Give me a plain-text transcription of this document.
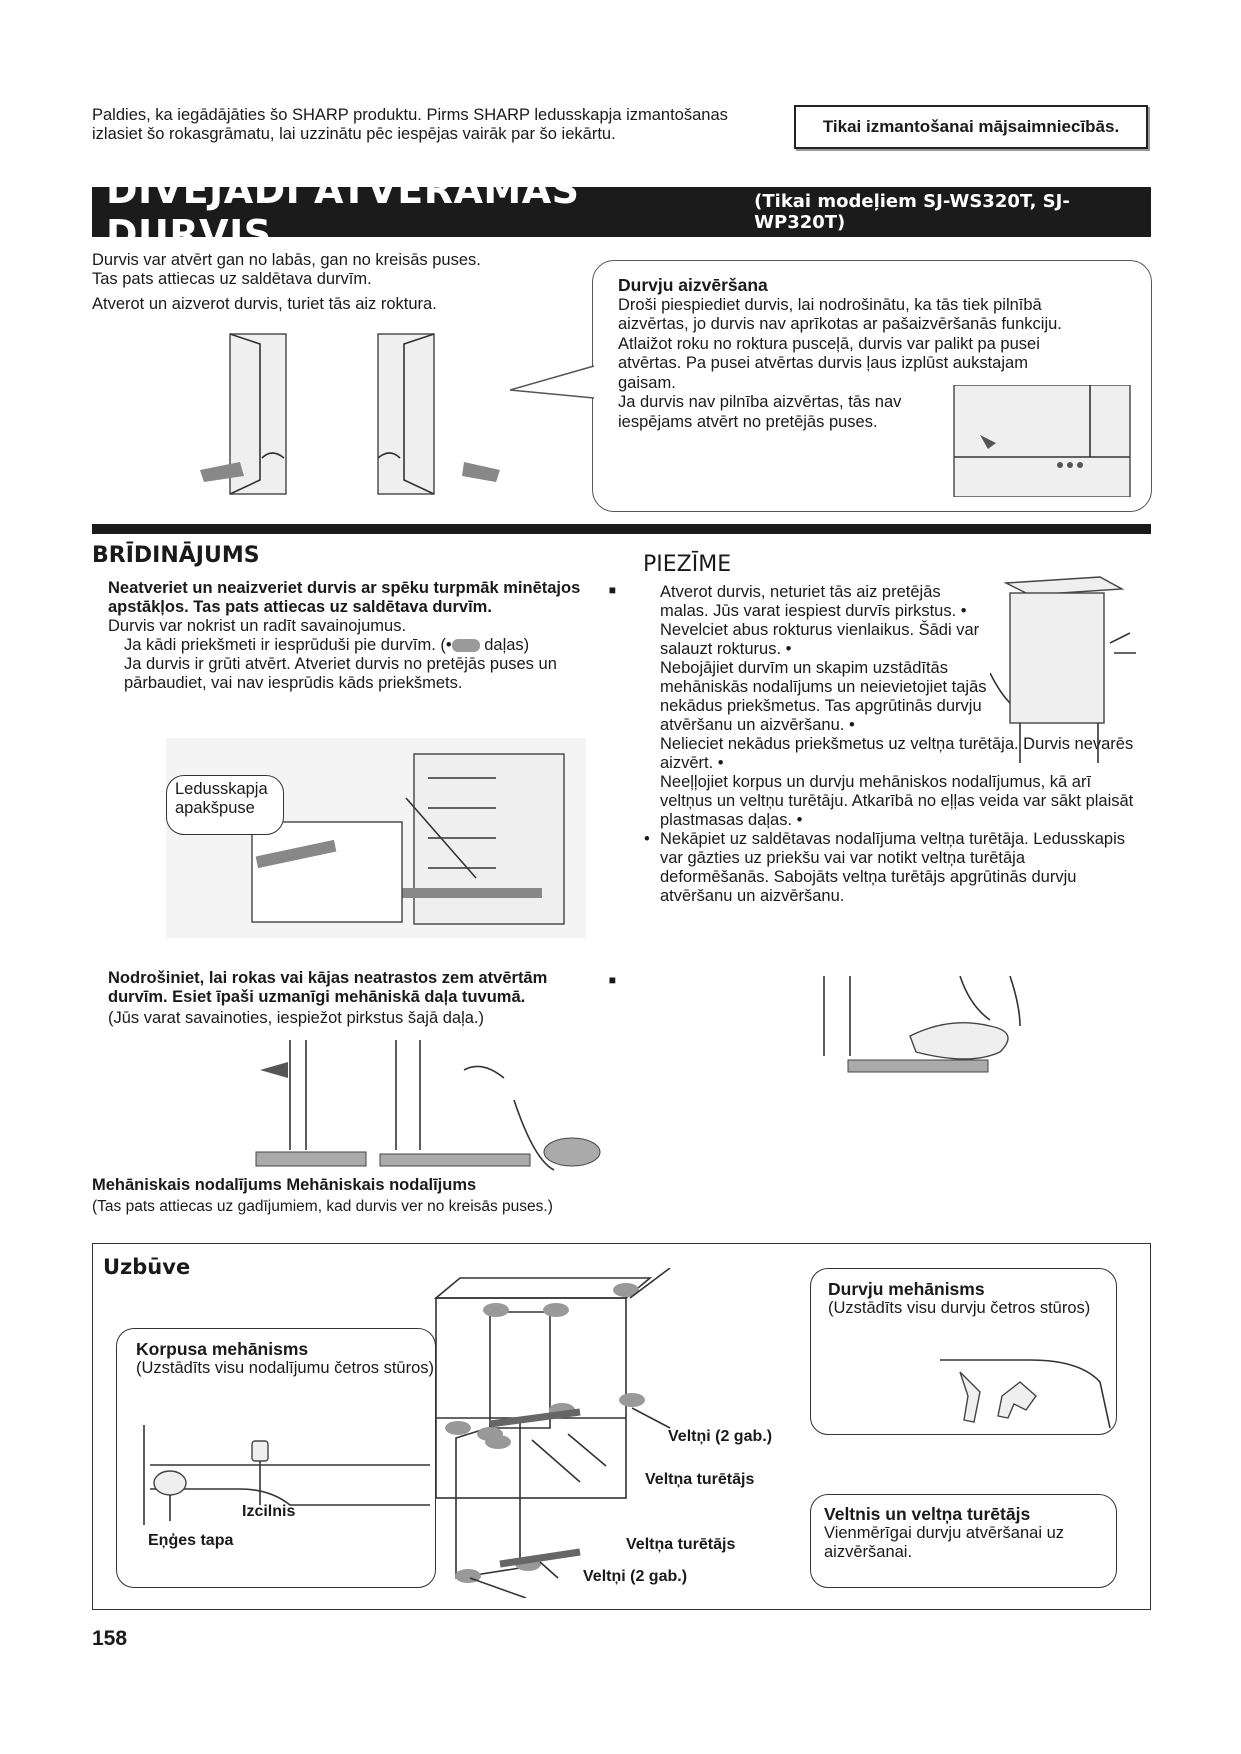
Paldies, ka iegādājāties šo SHARP produktu. Pirms SHARP ledusskapja izmantošanas izlasiet šo rokasgrāmatu, lai uzzinātu pēc iespējas vairāk par šo iekārtu.	Tikai izmantošanai mājsaimniecībās.
DIVĒJĀDI ATVERAMAS DURVIS
(Tikai modeļiem SJ-WS320T, SJ-WP320T)
Durvis var atvērt gan no labās, gan no kreisās puses.
Tas pats attiecas uz saldētava durvīm.
Atverot un aizverot durvis, turiet tās aiz roktura.
Durvju aizvēršana
Droši piespiediet durvis, lai nodrošinātu, ka tās tiek pilnībā
aizvērtas, jo durvis nav aprīkotas ar pašaizvēršanās funkciju.
Atlaižot roku no roktura pusceļā, durvis var palikt pa pusei
atvērtas. Pa pusei atvērtas durvis ļaus izplūst aukstajam
gaisam.
Ja durvis nav pilnība aizvērtas, tās nav
iespējams atvērt no pretējās puses.
BRĪDINĀJUMS
Neatveriet un neaizveriet durvis ar spēku turpmāk minētajos apstākļos. Tas pats attiecas uz saldētava durvīm.
■
Durvis var nokrist un radīt savainojumus.
Ja kādi priekšmeti ir iesprūduši pie durvīm. (• daļas)
Ja durvis ir grūti atvērt. Atveriet durvis no pretējās puses un pārbaudiet, vai nav iesprūdis kāds priekšmets.
Ledusskapja apakšpuse
Nodrošiniet, lai rokas vai kājas neatrastos zem atvērtām durvīm. Esiet īpaši uzmanīgi mehāniskā daļa tuvumā.
■
(Jūs varat savainoties, iespiežot pirkstus šajā daļa.)
Mehāniskais nodalījums Mehāniskais nodalījums
(Tas pats attiecas uz gadījumiem, kad durvis ver no kreisās puses.)
PIEZĪME
Atverot durvis, neturiet tās aiz pretējās malas. Jūs varat iespiest durvīs pirkstus. •
Nevelciet abus rokturus vienlaikus. Šādi var salauzt rokturus. •
Nebojājiet durvīm un skapim uzstādītās mehāniskās nodalījums un neievietojiet tajās nekādus priekšmetus. Tas apgrūtinās durvju atvēršanu un aizvēršanu. •
Nelieciet nekādus priekšmetus uz veltņa turētāja. Durvis nevarēs aizvērt. •
Neeļļojiet korpus un durvju mehāniskos nodalījumus, kā arī veltņus un veltņu turētāju. Atkarībā no eļļas veida var sākt plaisāt plastmasas daļas. •
• Nekāpiet uz saldētavas nodalījuma veltņa turētāja. Ledusskapis var gāzties uz priekšu vai var notikt veltņa turētāja deformēšanās. Sabojāts veltņa turētājs apgrūtinās durvju atvēršanu un aizvēršanu.
Uzbūve
Korpusa mehānisms
(Uzstādīts visu nodalījumu četros stūros)
Izcilnis
Eņģes tapa
Durvju mehānisms
(Uzstādīts visu durvju četros stūros)
Veltņi (2 gab.)
Veltņa turētājs
Veltņa turētājs
Veltņi (2 gab.)
Veltnis un veltņa turētājs
Vienmērīgai durvju atvēršanai uz aizvēršanai.
158
